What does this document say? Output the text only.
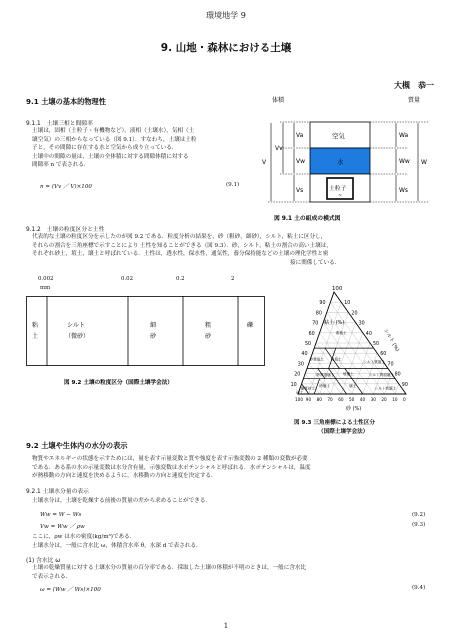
環境地学 9
9. 山地・森林における土壌
大槻　恭一
9.1 土壌の基本的物理性
9.1.1　土壌三相と間隙率
土壌は，固相（土粒子・有機物など），液相（土壌水），気相（土
壌空気）の三相からなっている（図 9.1）．すなわち，土壌は土粒
子と，その間隙に存在する水と空気から成り立っている．
土壌中の間隙の量は，土壌の全体積に対する間隙体積に対する
間隙率 n で表される．
n = (Vv ／ V)×100	(9.1)
9.1.2　土壌の粒度区分と土性
代表的な土壌の粒度区分を示したのが図 9.2 である．粒度分析の結果を，砂（粗砂，細砂），シルト，粘土に区分し，
それらの割合を三角座標で示すことにより 土性を知ることができる（図 9.3）．砂，シルト，粘土の割合の高い土壌は，
それぞれ砂土，埴土，壌土と呼ばれている．土性は，透水性，保水性，通気性，養分保持能などの土壌の理化学性と密
接に関係している．
体積	質量
空気
水
土粒子
~
Va
Vw
Vs
Vv
V
Wa
Ww
Ws
W
図 9.1 土の組成の模式図
0.002
mm
0.02	0.2	2
粘
土
シルト
（微砂）
細
砂
粗
砂
礫
図 9.2 土壌の粒度区分（国際土壌学会法）
90
80
70
60
50
40
30
20
10
10
20
30
40
50
60
70
80
90
100 90 80 70 60 50 40 30 20 10 0
重埴土
軽埴土
砂質埴土
シルト質埴土
砂質埴壌土 埴壌土	シルト質埴壌土
砂壌土	壌土
シルト質壌土
壌質砂土
砂土
100
粘土 (%)
シルト (%)
砂 (%)
図 9.3 三角座標による土性区分
（国際土壌学会法）
9.2 土壌や生体内の水分の表示
物質やエネルギーの状態を示すためには，量を表す示量変数と質や強度を表す示強変数の 2 種類の変数が必要
である．ある系の水の示量変数は水分含有量，示強変数は水ポテンシャルと呼ばれる．水ポテンシャルは，温度
が熱移動の方向と速度を決めるように，水移動の方向と速度を決定する．
9.2.1 土壌水分量の表示
土壌水分は，土壌を乾燥する前後の質量の差から求めることができる．
Ww = W − Ws	(9.2)
Vw = Ww ／ ρw	(9.3)
ここに，ρw は水の密度(kg/m³)である．
土壌水分は，一般に含水比 ω，体積含水率 θ，水深 d で表される．
(1) 含水比 ω
土壌の乾燥質量に対する土壌水分の質量の百分率である．採取した土壌の体積が不明のときは，一般に含水比
で表示される．
ω = (Ww ／ Ws)×100	(9.4)
1
